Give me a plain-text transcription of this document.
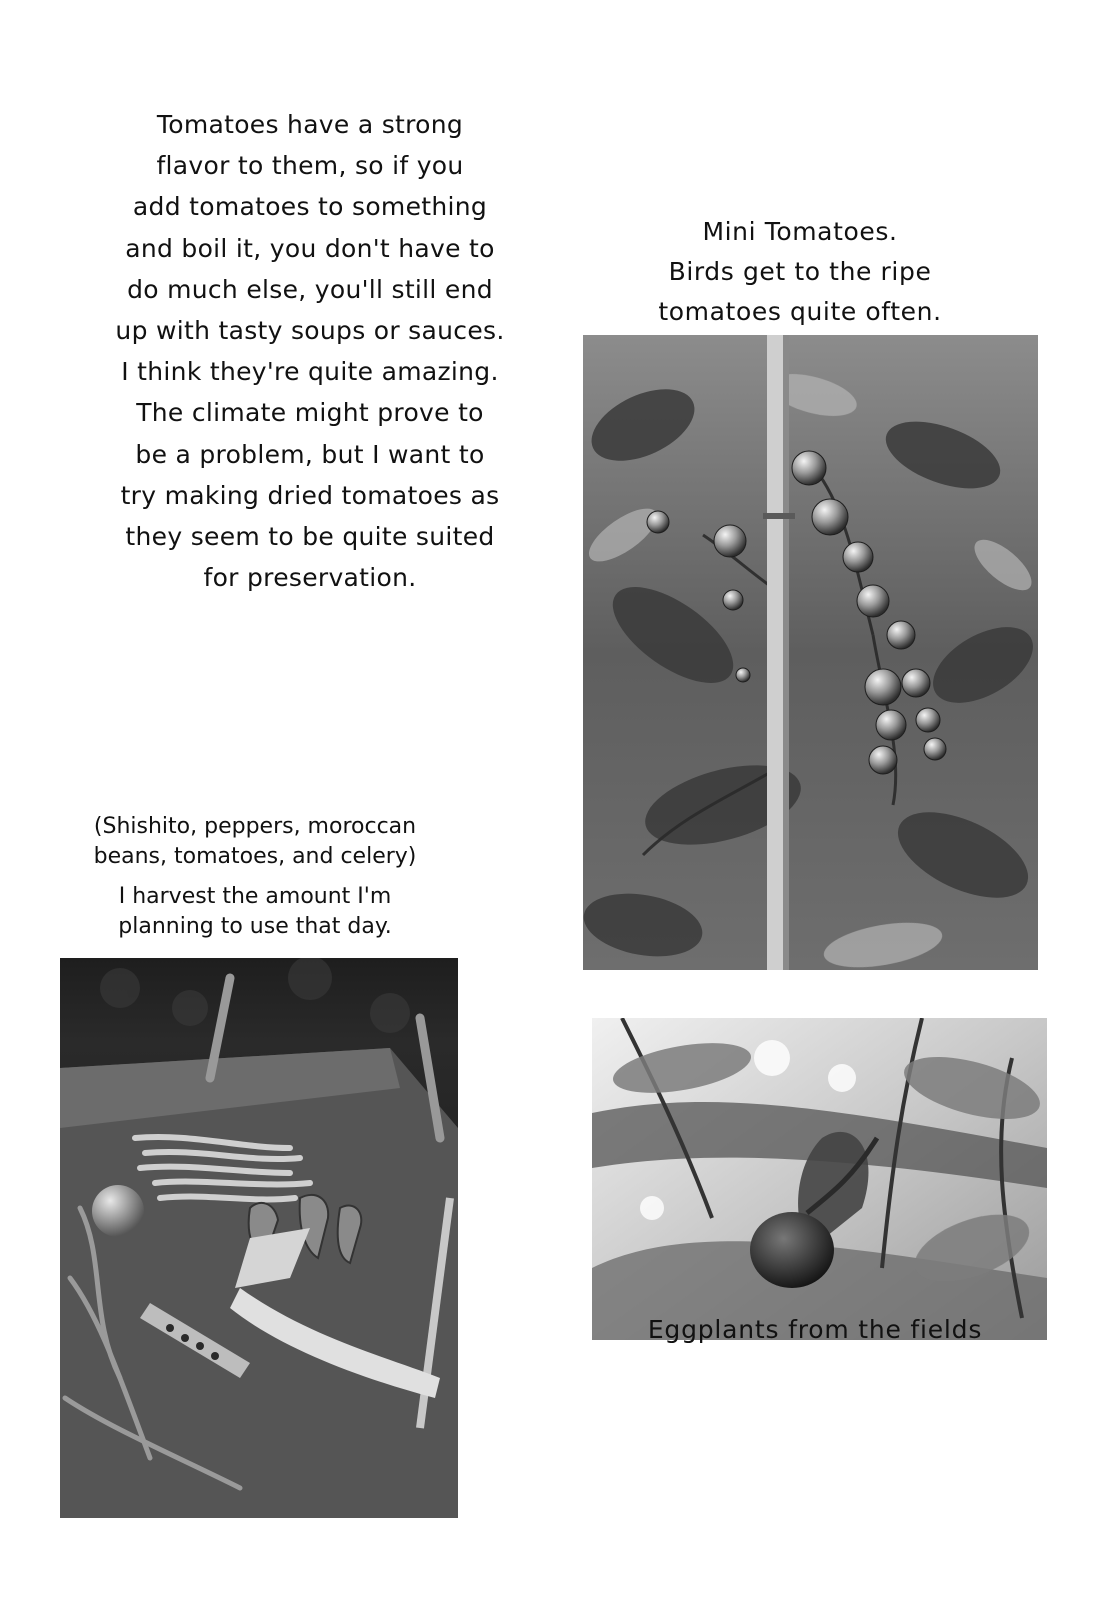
Tomatoes have a strong
flavor to them, so if you
add tomatoes to something
and boil it, you don't have to
do much else, you'll still end
up with tasty soups or sauces.
I think they're quite amazing.
The climate might prove to
be a problem, but I want to
try making dried tomatoes as
they seem to be quite suited
for preservation.
Mini Tomatoes.
Birds get to the ripe
tomatoes quite often.
(Shishito, peppers, moroccan
beans, tomatoes, and celery)
I harvest the amount I'm
planning to use that day.
Eggplants from the fields
